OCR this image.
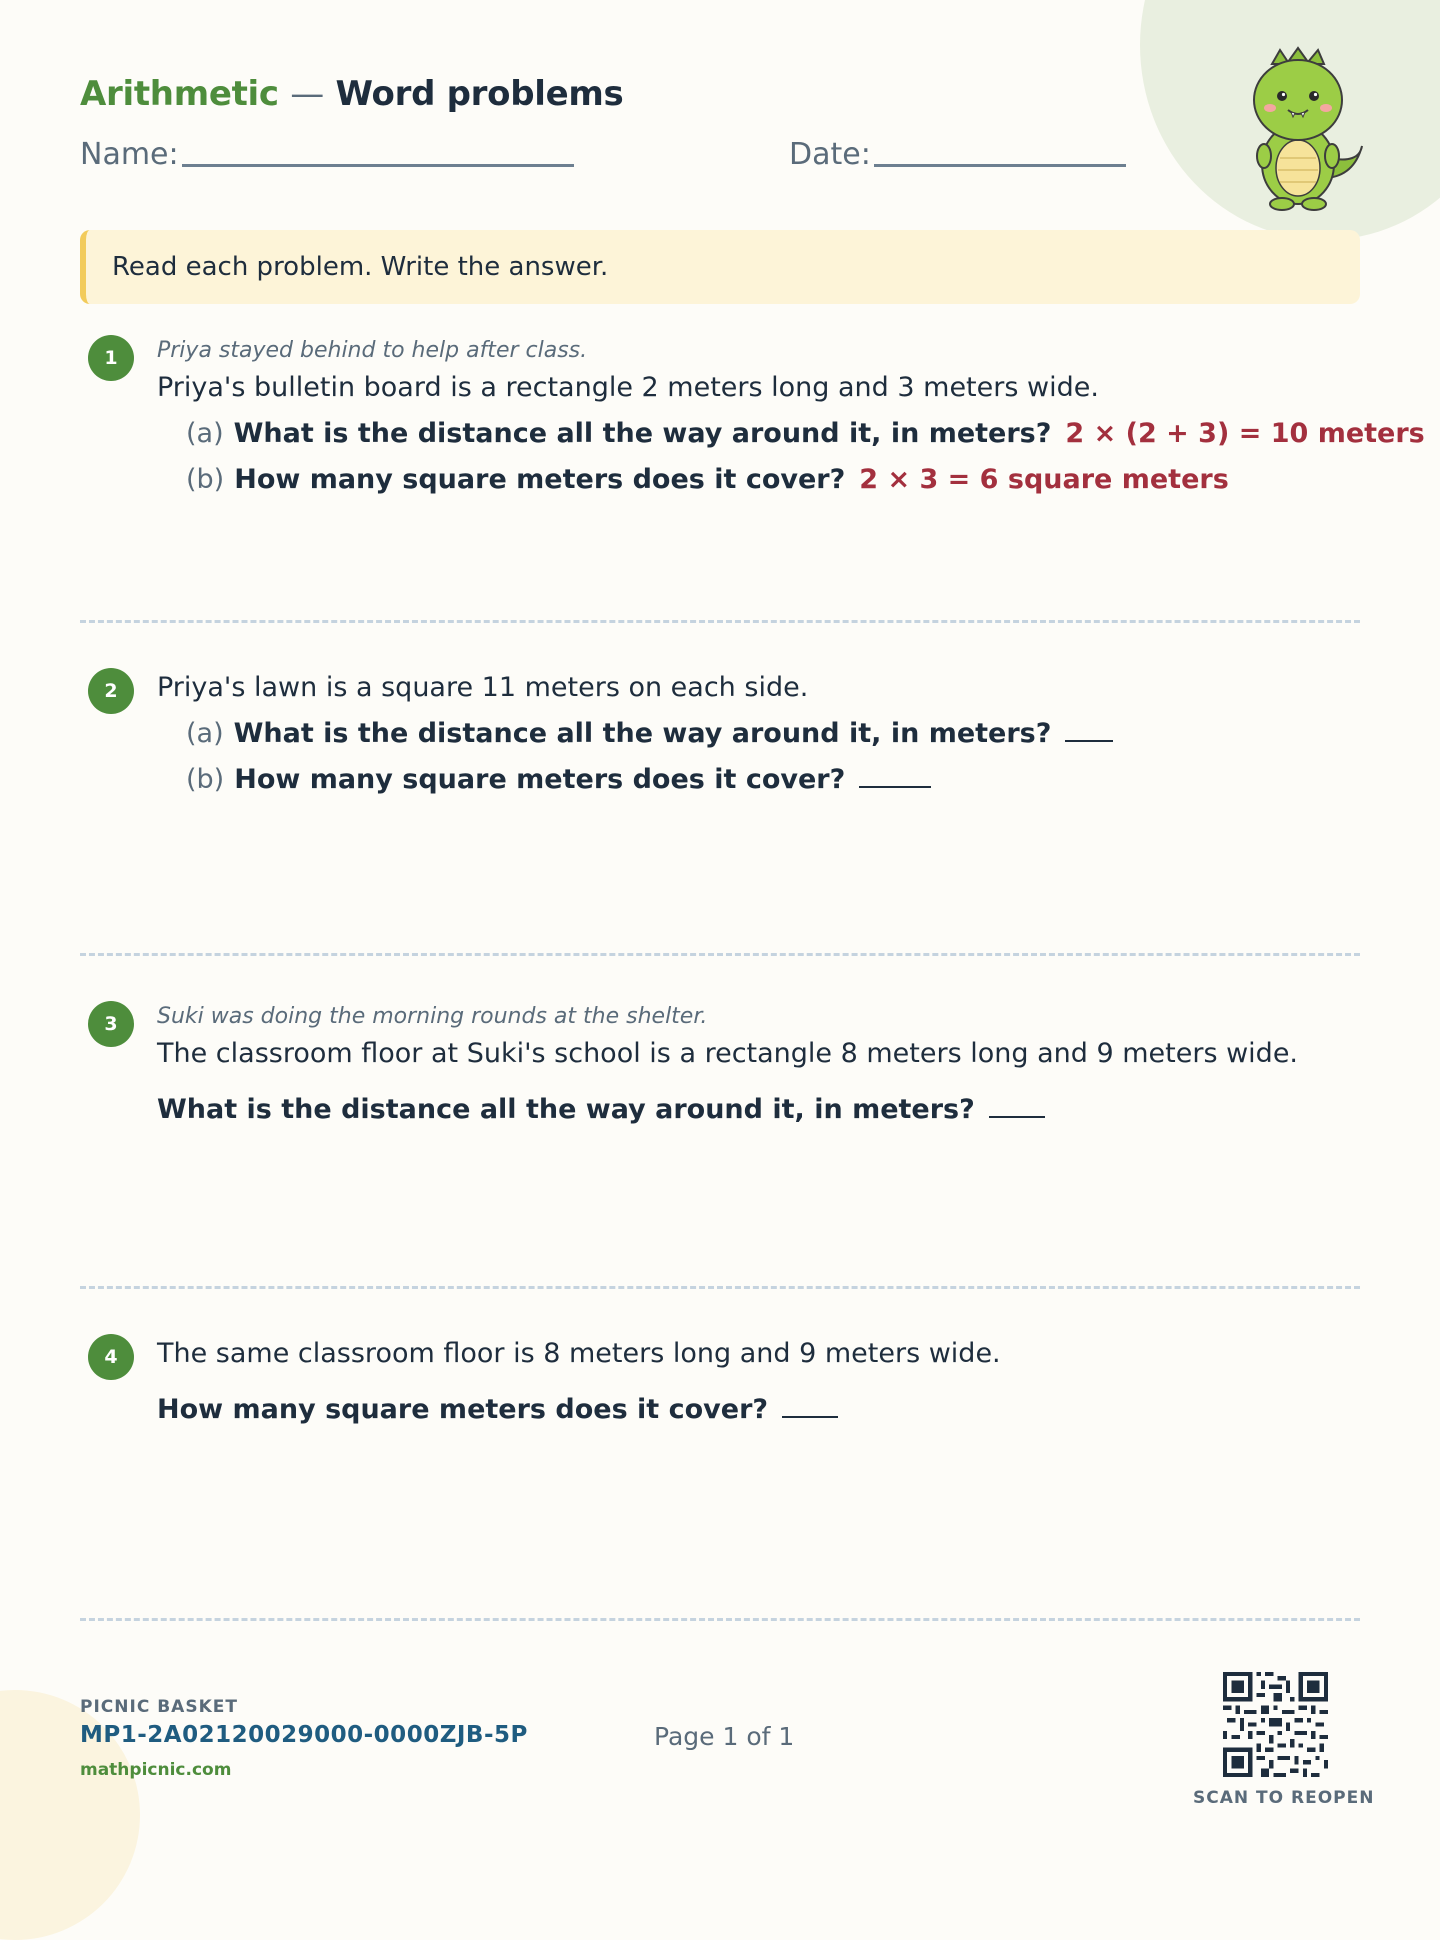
Arithmetic — Word problems
Name:	Date:
Read each problem. Write the answer.
1	Priya stayed behind to help after class.
Priya's bulletin board is a rectangle 2 meters long and 3 meters wide.
(a) What is the distance all the way around it, in meters? 2 × (2 + 3) = 10 meters
(b) How many square meters does it cover? 2 × 3 = 6 square meters
2	Priya's lawn is a square 11 meters on each side.
(a) What is the distance all the way around it, in meters?
(b) How many square meters does it cover?
3	Suki was doing the morning rounds at the shelter.
The classroom floor at Suki's school is a rectangle 8 meters long and 9 meters wide.
What is the distance all the way around it, in meters?
4	The same classroom floor is 8 meters long and 9 meters wide.
How many square meters does it cover?
PICNIC BASKET
MP1-2A02120029000-0000ZJB-5P
mathpicnic.com
Page 1 of 1
SCAN TO REOPEN
